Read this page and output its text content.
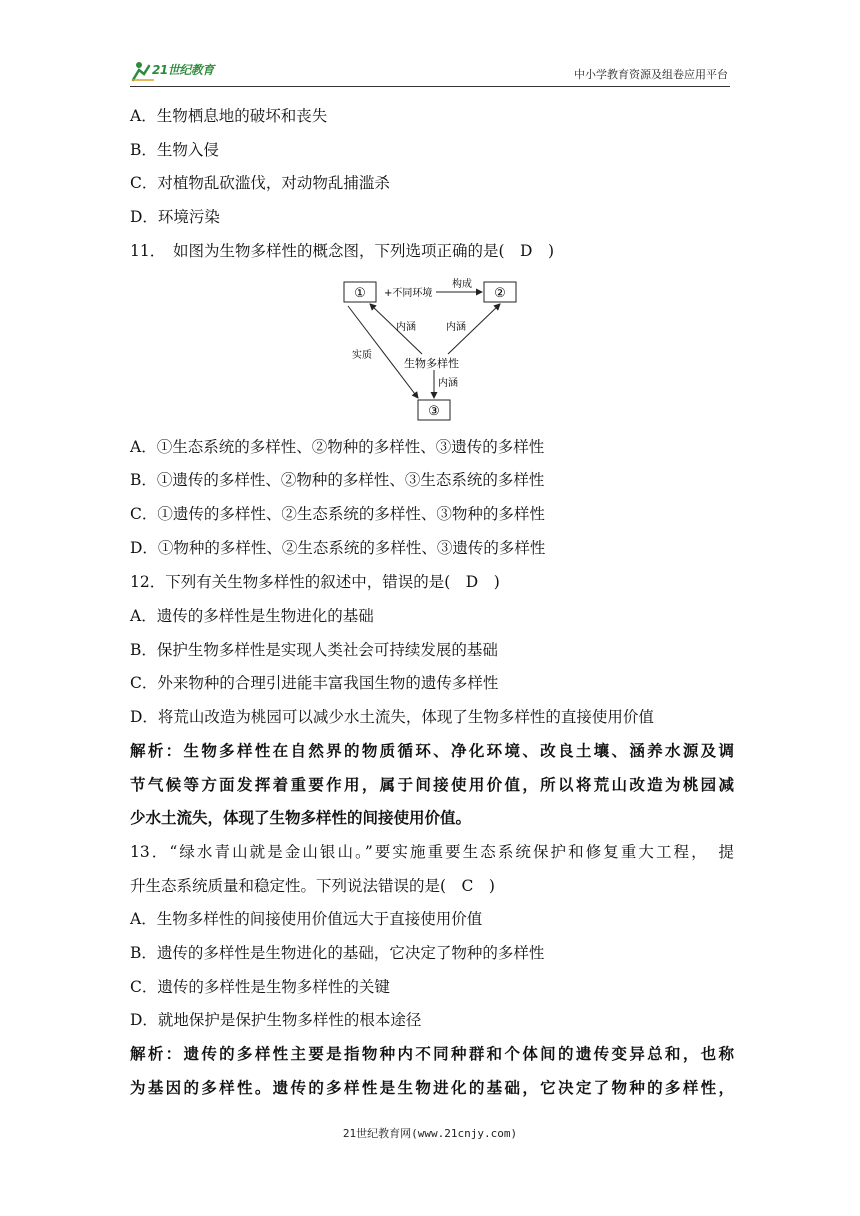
21世纪教育	中小学教育资源及组卷应用平台
A．生物栖息地的破坏和丧失
B．生物入侵
C．对植物乱砍滥伐，对动物乱捕滥杀
D．环境污染
11．　如图为生物多样性的概念图，下列选项正确的是(　D　)
①	②
③
+不同环境
构成
内涵	内涵
实质
生物多样性
内涵
A．①生态系统的多样性、②物种的多样性、③遗传的多样性
B．①遗传的多样性、②物种的多样性、③生态系统的多样性
C．①遗传的多样性、②生态系统的多样性、③物种的多样性
D．①物种的多样性、②生态系统的多样性、③遗传的多样性
12．下列有关生物多样性的叙述中，错误的是(　D　)
A．遗传的多样性是生物进化的基础
B．保护生物多样性是实现人类社会可持续发展的基础
C．外来物种的合理引进能丰富我国生物的遗传多样性
D．将荒山改造为桃园可以减少水土流失，体现了生物多样性的直接使用价值
解析：生物多样性在自然界的物质循环、净化环境、改良土壤、涵养水源及调
节气候等方面发挥着重要作用，属于间接使用价值，所以将荒山改造为桃园减
少水土流失，体现了生物多样性的间接使用价值。
13．“绿水青山就是金山银山。”要实施重要生态系统保护和修复重大工程，　提
升生态系统质量和稳定性。下列说法错误的是(　C　)
A．生物多样性的间接使用价值远大于直接使用价值
B．遗传的多样性是生物进化的基础，它决定了物种的多样性
C．遗传的多样性是生物多样性的关键
D．就地保护是保护生物多样性的根本途径
解析：遗传的多样性主要是指物种内不同种群和个体间的遗传变异总和，也称
为基因的多样性。遗传的多样性是生物进化的基础，它决定了物种的多样性，
21世纪教育网(www.21cnjy.com)
